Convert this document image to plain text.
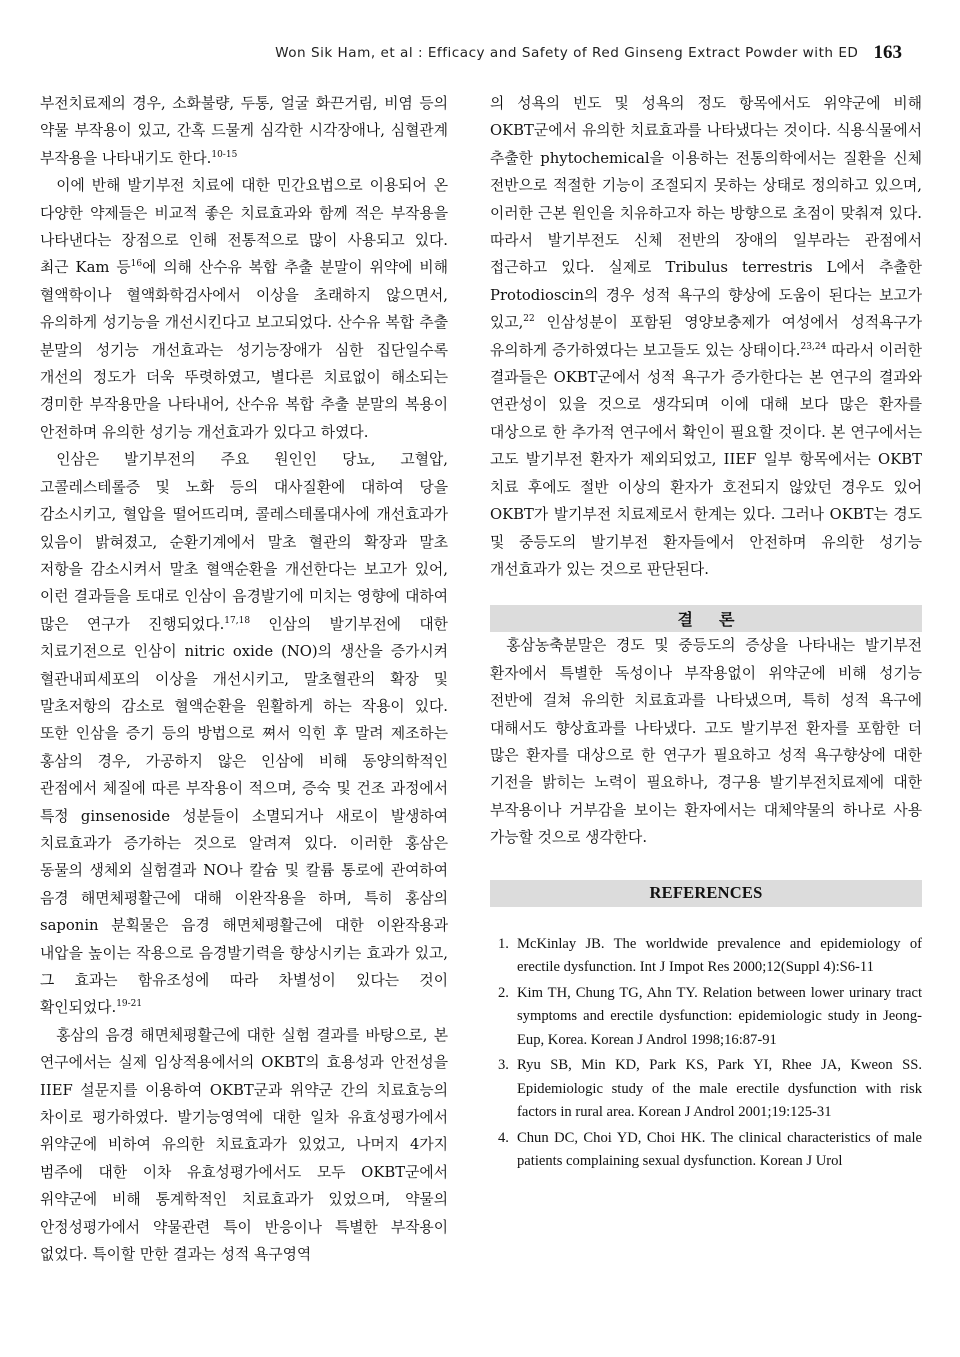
Won Sik Ham, et al : Efficacy and Safety of Red Ginseng Extract Powder with ED 163

부전치료제의 경우, 소화불량, 두통, 얼굴 화끈거림, 비염 등의 약물 부작용이 있고, 간혹 드물게 심각한 시각장애나, 심혈관계 부작용을 나타내기도 한다.$^{10-15}$

이에 반해 발기부전 치료에 대한 민간요법으로 이용되어 온 다양한 약제들은 비교적 좋은 치료효과와 함께 적은 부작용을 나타낸다는 장점으로 인해 전통적으로 많이 사용되고 있다. 최근 Kam 등$^{16}$에 의해 산수유 복합 추출 분말이 위약에 비해 혈액학이나 혈액화학검사에서 이상을 초래하지 않으면서, 유의하게 성기능을 개선시킨다고 보고되었다. 산수유 복합 추출 분말의 성기능 개선효과는 성기능장애가 심한 집단일수록 개선의 정도가 더욱 뚜렷하였고, 별다른 치료없이 해소되는 경미한 부작용만을 나타내어, 산수유 복합 추출 분말의 복용이 안전하며 유의한 성기능 개선효과가 있다고 하였다.

인삼은 발기부전의 주요 원인인 당뇨, 고혈압, 고콜레스테롤증 및 노화 등의 대사질환에 대하여 당을 감소시키고, 혈압을 떨어뜨리며, 콜레스테롤대사에 개선효과가 있음이 밝혀졌고, 순환기계에서 말초 혈관의 확장과 말초 저항을 감소시켜서 말초 혈액순환을 개선한다는 보고가 있어, 이런 결과들을 토대로 인삼이 음경발기에 미치는 영향에 대하여 많은 연구가 진행되었다.$^{17,18}$ 인삼의 발기부전에 대한 치료기전으로 인삼이 nitric oxide (NO)의 생산을 증가시켜 혈관내피세포의 이상을 개선시키고, 말초혈관의 확장 및 말초저항의 감소로 혈액순환을 원활하게 하는 작용이 있다. 또한 인삼을 증기 등의 방법으로 쪄서 익힌 후 말려 제조하는 홍삼의 경우, 가공하지 않은 인삼에 비해 동양의학적인 관점에서 체질에 따른 부작용이 적으며, 증숙 및 건조 과정에서 특정 ginsenoside 성분들이 소멸되거나 새로이 발생하여 치료효과가 증가하는 것으로 알려져 있다. 이러한 홍삼은 동물의 생체외 실험결과 NO나 칼슘 및 칼륨 통로에 관여하여 음경 해면체평활근에 대해 이완작용을 하며, 특히 홍삼의 saponin 분획물은 음경 해면체평활근에 대한 이완작용과 내압을 높이는 작용으로 음경발기력을 향상시키는 효과가 있고, 그 효과는 함유조성에 따라 차별성이 있다는 것이 확인되었다.$^{19-21}$

홍삼의 음경 해면체평활근에 대한 실험 결과를 바탕으로, 본 연구에서는 실제 임상적용에서의 OKBT의 효용성과 안전성을 IIEF 설문지를 이용하여 OKBT군과 위약군 간의 치료효능의 차이로 평가하였다. 발기능영역에 대한 일차 유효성평가에서 위약군에 비하여 유의한 치료효과가 있었고, 나머지 4가지 범주에 대한 이차 유효성평가에서도 모두 OKBT군에서 위약군에 비해 통계학적인 치료효과가 있었으며, 약물의 안정성평가에서 약물관련 특이 반응이나 특별한 부작용이 없었다. 특이할 만한 결과는 성적 욕구영역

의 성욕의 빈도 및 성욕의 정도 항목에서도 위약군에 비해 OKBT군에서 유의한 치료효과를 나타냈다는 것이다. 식용식물에서 추출한 phytochemical을 이용하는 전통의학에서는 질환을 신체 전반으로 적절한 기능이 조절되지 못하는 상태로 정의하고 있으며, 이러한 근본 원인을 치유하고자 하는 방향으로 초점이 맞춰져 있다. 따라서 발기부전도 신체 전반의 장애의 일부라는 관점에서 접근하고 있다. 실제로 Tribulus terrestris L에서 추출한 Protodioscin의 경우 성적 욕구의 향상에 도움이 된다는 보고가 있고,$^{22}$ 인삼성분이 포함된 영양보충제가 여성에서 성적욕구가 유의하게 증가하였다는 보고들도 있는 상태이다.$^{23,24}$ 따라서 이러한 결과들은 OKBT군에서 성적 욕구가 증가한다는 본 연구의 결과와 연관성이 있을 것으로 생각되며 이에 대해 보다 많은 환자를 대상으로 한 추가적 연구에서 확인이 필요할 것이다. 본 연구에서는 고도 발기부전 환자가 제외되었고, IIEF 일부 항목에서는 OKBT 치료 후에도 절반 이상의 환자가 호전되지 않았던 경우도 있어 OKBT가 발기부전 치료제로서 한계는 있다. 그러나 OKBT는 경도 및 중등도의 발기부전 환자들에서 안전하며 유의한 성기능 개선효과가 있는 것으로 판단된다.

결론

홍삼농축분말은 경도 및 중등도의 증상을 나타내는 발기부전 환자에서 특별한 독성이나 부작용없이 위약군에 비해 성기능 전반에 걸쳐 유의한 치료효과를 나타냈으며, 특히 성적 욕구에 대해서도 향상효과를 나타냈다. 고도 발기부전 환자를 포함한 더 많은 환자를 대상으로 한 연구가 필요하고 성적 욕구향상에 대한 기전을 밝히는 노력이 필요하나, 경구용 발기부전치료제에 대한 부작용이나 거부감을 보이는 환자에서는 대체약물의 하나로 사용 가능할 것으로 생각한다.

REFERENCES
1. McKinlay JB. The worldwide prevalence and epidemiology of erectile dysfunction. Int J Impot Res 2000;12(Suppl 4):S6-11
2. Kim TH, Chung TG, Ahn TY. Relation between lower urinary tract symptoms and erectile dysfunction: epidemiologic study in Jeong-Eup, Korea. Korean J Androl 1998;16:87-91
3. Ryu SB, Min KD, Park KS, Park YI, Rhee JA, Kweon SS. Epidemiologic study of the male erectile dysfunction with risk factors in rural area. Korean J Androl 2001;19:125-31
4. Chun DC, Choi YD, Choi HK. The clinical characteristics of male patients complaining sexual dysfunction. Korean J Urol
